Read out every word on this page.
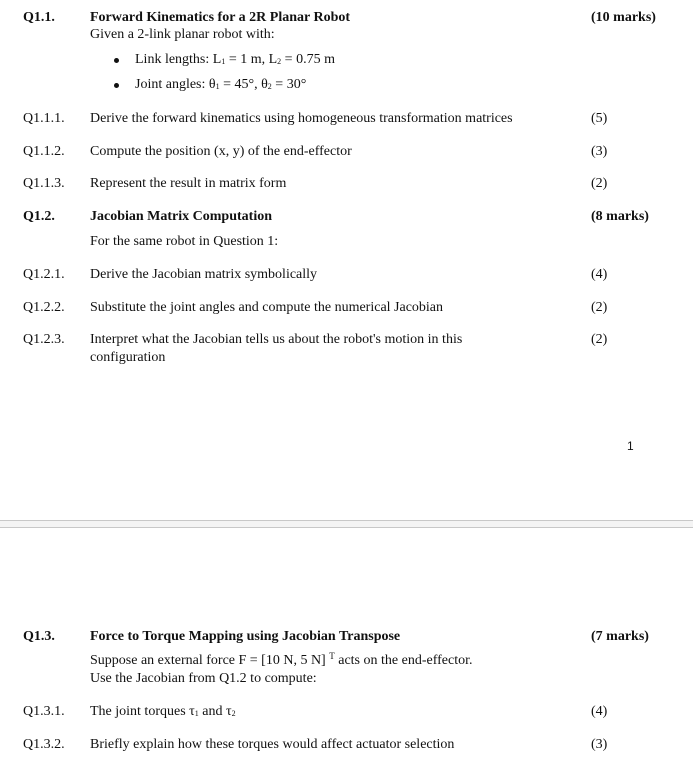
Q1.1.	Forward Kinematics for a 2R Planar Robot	(10 marks)
Given a 2-link planar robot with:
Link lengths: $L_1 = 1$ m, $L_2 = 0.75$ m
Joint angles: $\theta_1 = 45^\circ$, $\theta_2 = 30^\circ$
Q1.1.1. Derive the forward kinematics using homogeneous transformation matrices	(5)
Q1.1.2. Compute the position (x, y) of the end-effector	(3)
Q1.1.3. Represent the result in matrix form	(2)
Q1.2.	Jacobian Matrix Computation	(8 marks)
For the same robot in Question 1:
Q1.2.1. Derive the Jacobian matrix symbolically	(4)
Q1.2.2. Substitute the joint angles and compute the numerical Jacobian	(2)
Q1.2.3. Interpret what the Jacobian tells us about the robot's motion in this configuration
(2)
1
Q1.3.	Force to Torque Mapping using Jacobian Transpose	(7 marks)
Suppose an external force F = [10 N, 5 N] $^T$ acts on the end-effector.
Use the Jacobian from Q1.2 to compute:
Q1.3.1. The joint torques $\tau_1$ and $\tau_2$	(4)
Q1.3.2. Briefly explain how these torques would affect actuator selection	(3)
